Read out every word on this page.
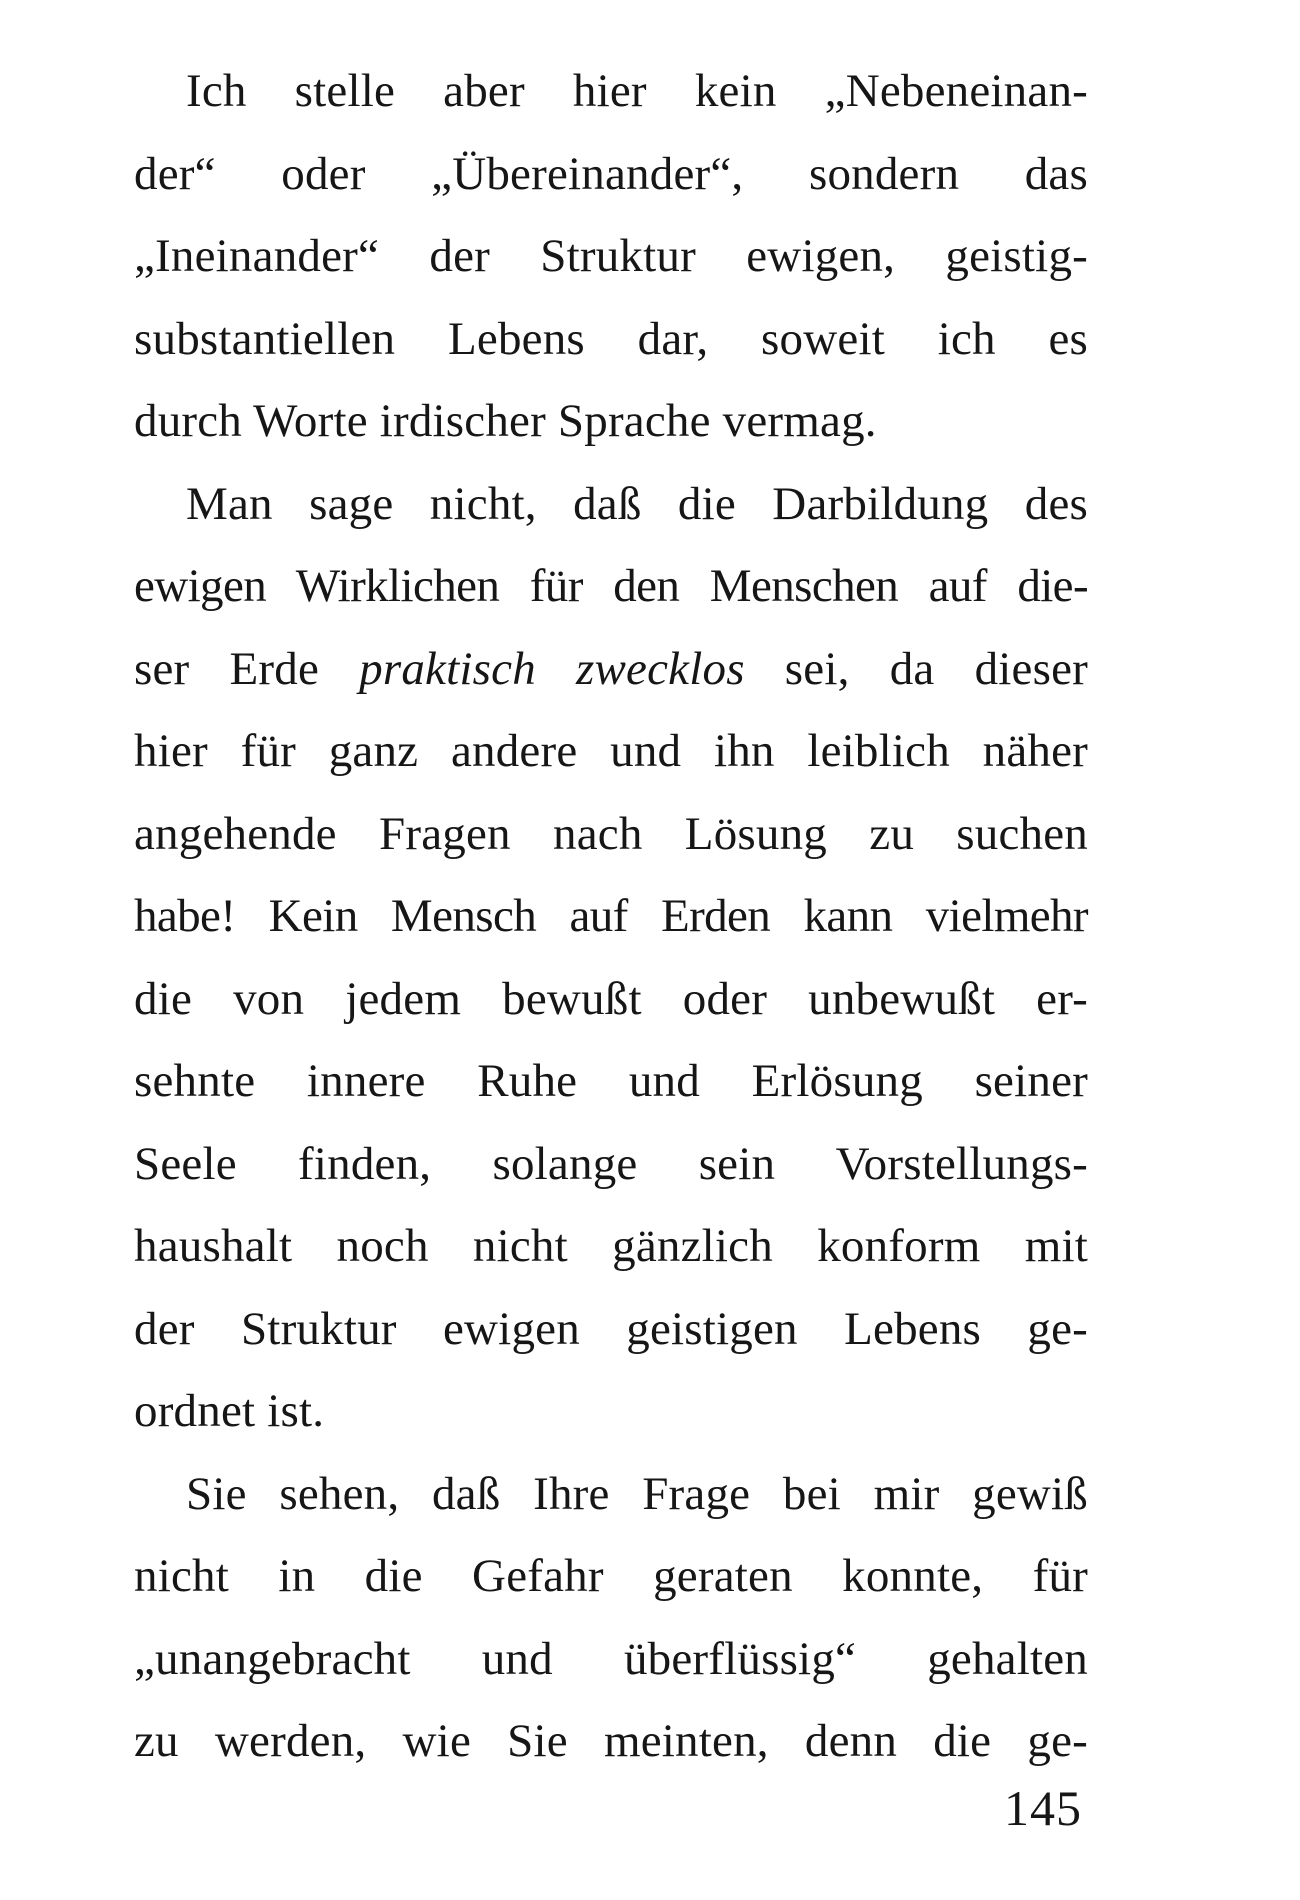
Ich stelle aber hier kein „Nebeneinan-
der“ oder „Übereinander“, sondern das
„Ineinander“ der Struktur ewigen, geistig-
substantiellen Lebens dar, soweit ich es
durch Worte irdischer Sprache vermag.
Man sage nicht, daß die Darbildung des
ewigen Wirklichen für den Menschen auf die-
ser Erde praktisch zwecklos sei, da dieser
hier für ganz andere und ihn leiblich näher
angehende Fragen nach Lösung zu suchen
habe! Kein Mensch auf Erden kann vielmehr
die von jedem bewußt oder unbewußt er-
sehnte innere Ruhe und Erlösung seiner
Seele finden, solange sein Vorstellungs-
haushalt noch nicht gänzlich konform mit
der Struktur ewigen geistigen Lebens ge-
ordnet ist.
Sie sehen, daß Ihre Frage bei mir gewiß
nicht in die Gefahr geraten konnte, für
„unangebracht und überflüssig“ gehalten
zu werden, wie Sie meinten, denn die ge-
145
